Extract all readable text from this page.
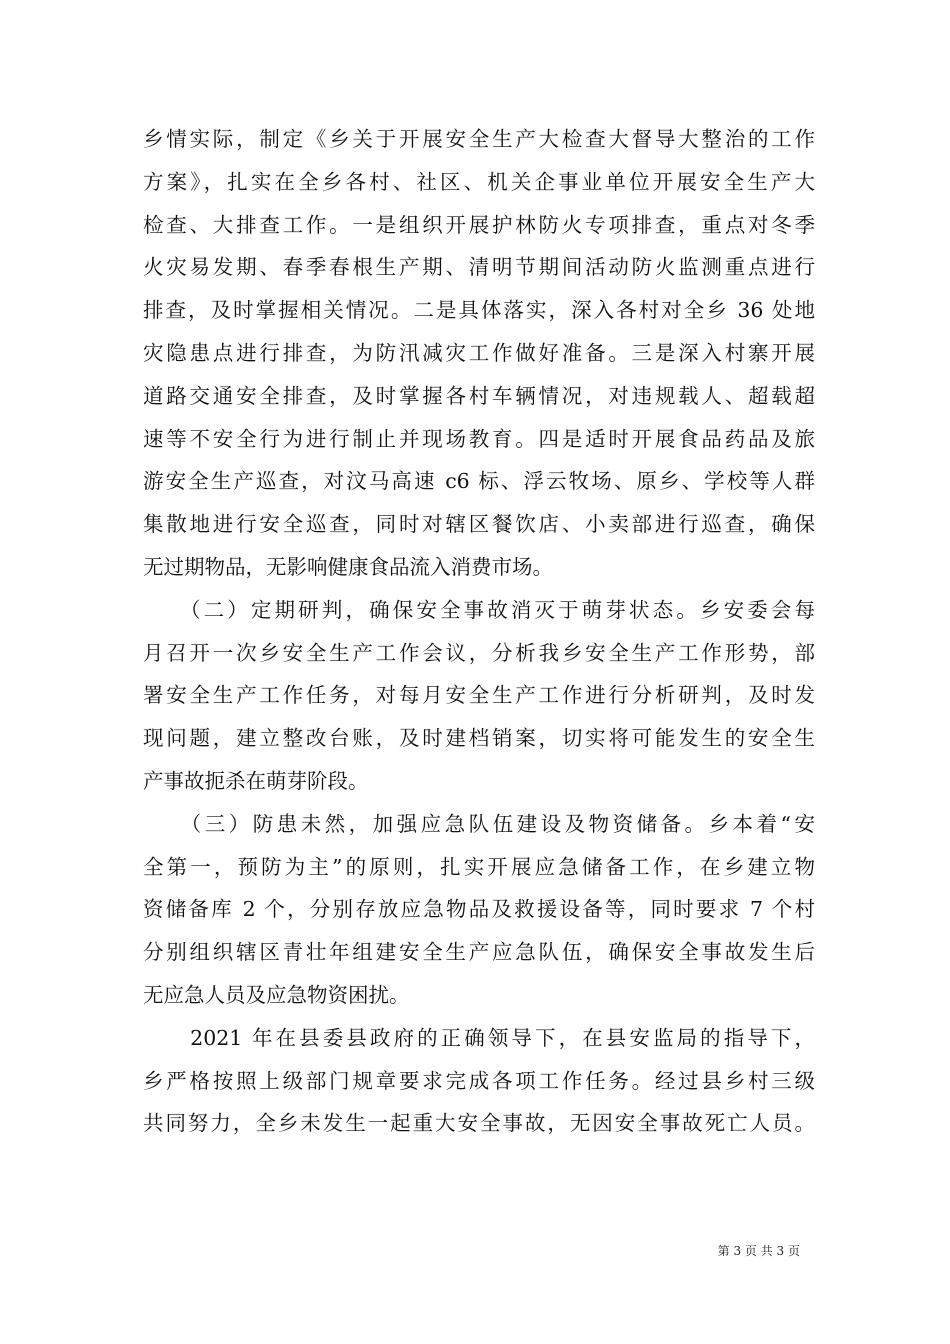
乡情实际，制定《乡关于开展安全生产大检查大督导大整治的工作
方案》，扎实在全乡各村、社区、机关企事业单位开展安全生产大
检查、大排查工作。一是组织开展护林防火专项排查，重点对冬季
火灾易发期、春季春根生产期、清明节期间活动防火监测重点进行
排查，及时掌握相关情况。二是具体落实，深入各村对全乡 36 处地
灾隐患点进行排查，为防汛减灾工作做好准备。三是深入村寨开展
道路交通安全排查，及时掌握各村车辆情况，对违规载人、超载超
速等不安全行为进行制止并现场教育。四是适时开展食品药品及旅
游安全生产巡查，对汶马高速 c6 标、浮云牧场、原乡、学校等人群
集散地进行安全巡查，同时对辖区餐饮店、小卖部进行巡查，确保
无过期物品，无影响健康食品流入消费市场。
　　（二）定期研判，确保安全事故消灭于萌芽状态。乡安委会每
月召开一次乡安全生产工作会议，分析我乡安全生产工作形势，部
署安全生产工作任务，对每月安全生产工作进行分析研判，及时发
现问题，建立整改台账，及时建档销案，切实将可能发生的安全生
产事故扼杀在萌芽阶段。
　　（三）防患未然，加强应急队伍建设及物资储备。乡本着“安
全第一，预防为主”的原则，扎实开展应急储备工作，在乡建立物
资储备库 2 个，分别存放应急物品及救援设备等，同时要求 7 个村
分别组织辖区青壮年组建安全生产应急队伍，确保安全事故发生后
无应急人员及应急物资困扰。
　　2021 年在县委县政府的正确领导下，在县安监局的指导下，
乡严格按照上级部门规章要求完成各项工作任务。经过县乡村三级
共同努力，全乡未发生一起重大安全事故，无因安全事故死亡人员。
第 3 页 共 3 页
